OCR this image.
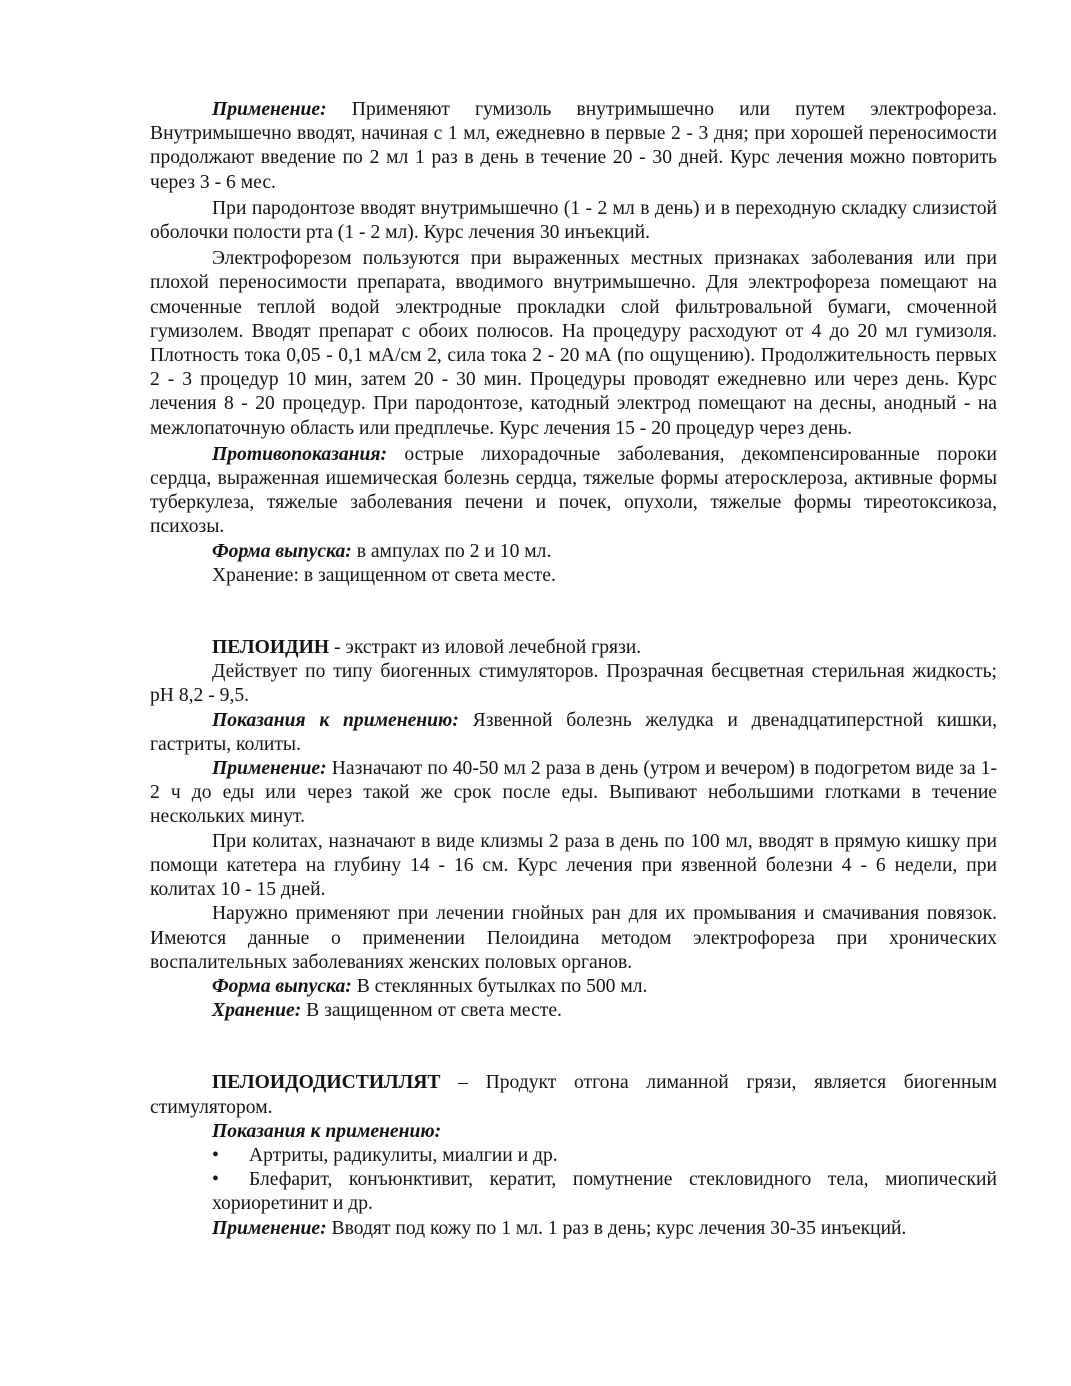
Применение: Применяют гумизоль внутримышечно или путем электрофореза. Внутримышечно вводят, начиная с 1 мл, ежедневно в первые 2 - 3 дня; при хорошей переносимости продолжают введение по 2 мл 1 раз в день в течение 20 - 30 дней. Курс лечения можно повторить через 3 - 6 мес.

При пародонтозе вводят внутримышечно (1 - 2 мл в день) и в переходную складку слизистой оболочки полости рта (1 - 2 мл). Курс лечения 30 инъекций.

Электрофорезом пользуются при выраженных местных признаках заболевания или при плохой переносимости препарата, вводимого внутримышечно. Для электрофореза помещают на смоченные теплой водой электродные прокладки слой фильтровальной бумаги, смоченной гумизолем. Вводят препарат с обоих полюсов. На процедуру расходуют от 4 до 20 мл гумизоля. Плотность тока 0,05 - 0,1 мА/см 2, сила тока 2 - 20 мА (по ощущению). Продолжительность первых 2 - 3 процедур 10 мин, затем 20 - 30 мин. Процедуры проводят ежедневно или через день. Курс лечения 8 - 20 процедур. При пародонтозе, катодный электрод помещают на десны, анодный - на межлопаточную область или предплечье. Курс лечения 15 - 20 процедур через день.

Противопоказания: острые лихорадочные заболевания, декомпенсированные пороки сердца, выраженная ишемическая болезнь сердца, тяжелые формы атеросклероза, активные формы туберкулеза, тяжелые заболевания печени и почек, опухоли, тяжелые формы тиреотоксикоза, психозы.

Форма выпуска: в ампулах по 2 и 10 мл.

Хранение: в защищенном от света месте.

ПЕЛОИДИН - экстракт из иловой лечебной грязи.

Действует по типу биогенных стимуляторов. Прозрачная бесцветная стерильная жидкость; pH 8,2 - 9,5.

Показания к применению: Язвенной болезнь желудка и двенадцатиперстной кишки, гастриты, колиты.

Применение: Назначают по 40-50 мл 2 раза в день (утром и вечером) в подогретом виде за 1-2 ч до еды или через такой же срок после еды. Выпивают небольшими глотками в течение нескольких минут.

При колитах, назначают в виде клизмы 2 раза в день по 100 мл, вводят в прямую кишку при помощи катетера на глубину 14 - 16 см. Курс лечения при язвенной болезни 4 - 6 недели, при колитах 10 - 15 дней.

Наружно применяют при лечении гнойных ран для их промывания и смачивания повязок. Имеются данные о применении Пелоидина методом электрофореза при хронических воспалительных заболеваниях женских половых органов.

Форма выпуска: В стеклянных бутылках по 500 мл.

Хранение: В защищенном от света месте.

ПЕЛОИДОДИСТИЛЛЯТ – Продукт отгона лиманной грязи, является биогенным стимулятором.

Показания к применению:

• Артриты, радикулиты, миалгии и др.

• Блефарит, конъюнктивит, кератит, помутнение стекловидного тела, миопический хориоретинит и др.

Применение: Вводят под кожу по 1 мл. 1 раз в день; курс лечения 30-35 инъекций.
